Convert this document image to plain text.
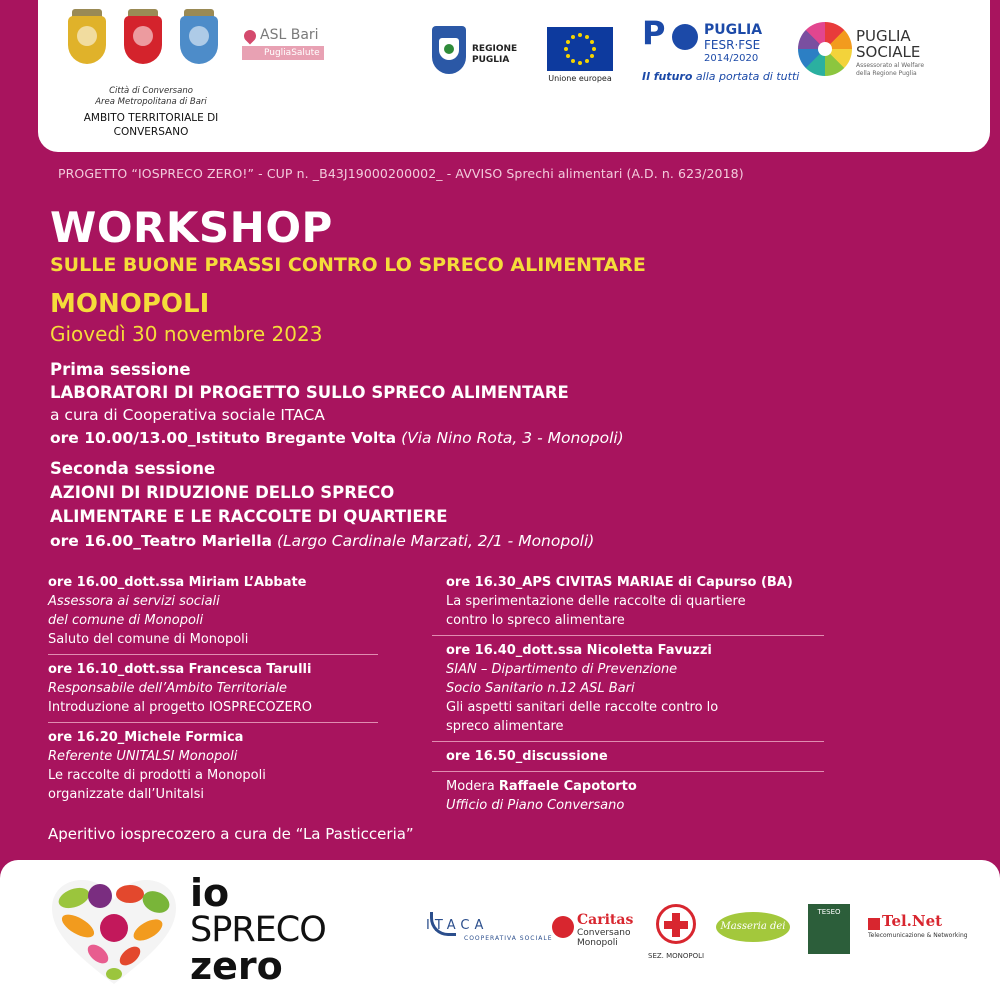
Città di Conversano
Area Metropolitana di Bari
AMBITO TERRITORIALE DI
CONVERSANO
ASL Bari
PugliaSalute	REGIONE
PUGLIA
Unione europea
P	PUGLIA
FESR·FSE
2014/2020
Il futuro alla portata di tutti
PUGLIA
SOCIALE
Assessorato al Welfare della Regione Puglia
PROGETTO “IOSPRECO ZERO!” - CUP n. _B43J19000200002_ - AVVISO Sprechi alimentari (A.D. n. 623/2018)
WORKSHOP
SULLE BUONE PRASSI CONTRO LO SPRECO ALIMENTARE
MONOPOLI
Giovedì 30 novembre 2023
Prima sessione
LABORATORI DI PROGETTO SULLO SPRECO ALIMENTARE
a cura di Cooperativa sociale ITACA
ore 10.00/13.00_Istituto Bregante Volta (Via Nino Rota, 3 - Monopoli)
Seconda sessione
AZIONI DI RIDUZIONE DELLO SPRECO
ALIMENTARE E LE RACCOLTE DI QUARTIERE
ore 16.00_Teatro Mariella (Largo Cardinale Marzati, 2/1 - Monopoli)
ore 16.00_dott.ssa Miriam L’Abbate
Assessora ai servizi sociali
del comune di Monopoli
Saluto del comune di Monopoli
ore 16.10_dott.ssa Francesca Tarulli
Responsabile dell’Ambito Territoriale
Introduzione al progetto IOSPRECOZERO
ore 16.20_Michele Formica
Referente UNITALSI Monopoli
Le raccolte di prodotti a Monopoli
organizzate dall’Unitalsi
ore 16.30_APS CIVITAS MARIAE di Capurso (BA)
La sperimentazione delle raccolte di quartiere
contro lo spreco alimentare
ore 16.40_dott.ssa Nicoletta Favuzzi
SIAN – Dipartimento di Prevenzione
Socio Sanitario n.12 ASL Bari
Gli aspetti sanitari delle raccolte contro lo
spreco alimentare
ore 16.50_discussione
Modera Raffaele Capotorto
Ufficio di Piano Conversano
Aperitivo iosprecozero a cura de “La Pasticceria”
io
SPRECO
zero
ITACA
COOPERATIVA SOCIALE
Caritas
Conversano
Monopoli
SEZ. MONOPOLI
Masseria dei Monelli
TESEO	Tel.Net
Telecomunicazione & Networking
